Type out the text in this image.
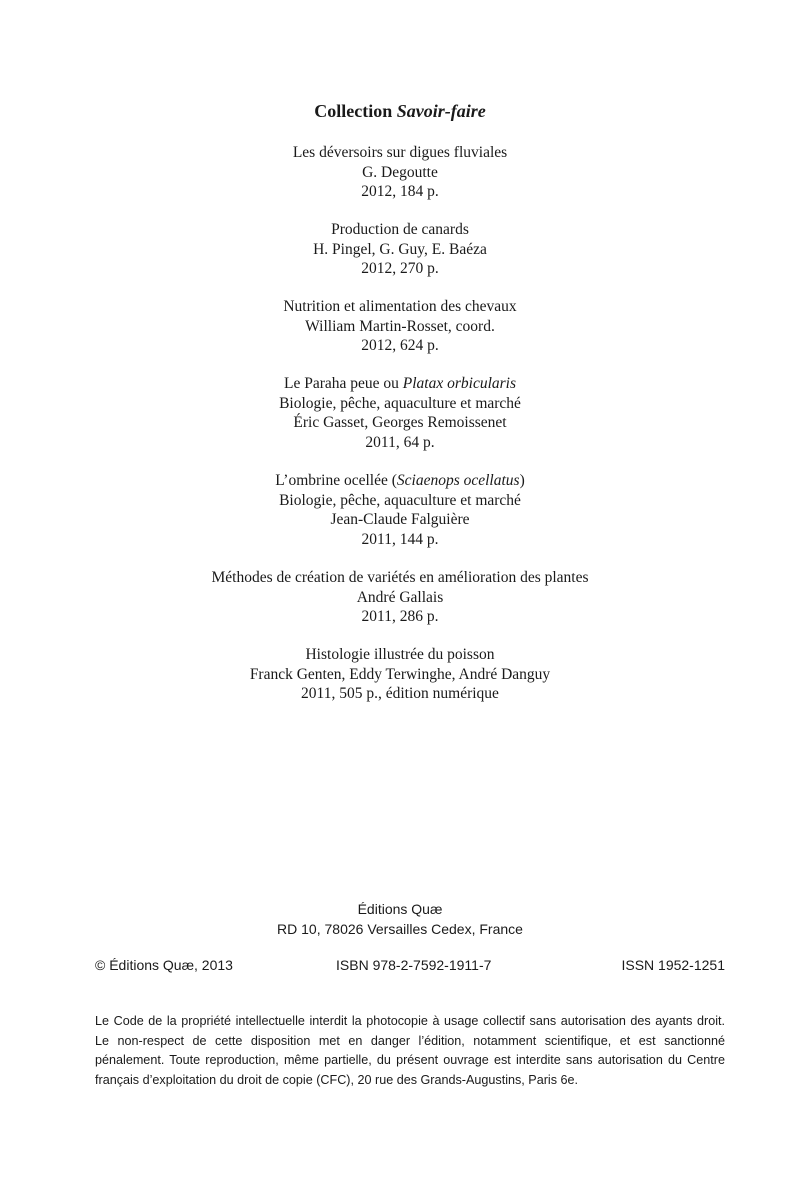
Collection Savoir-faire
Les déversoirs sur digues fluviales
G. Degoutte
2012, 184 p.
Production de canards
H. Pingel, G. Guy, E. Baéza
2012, 270 p.
Nutrition et alimentation des chevaux
William Martin-Rosset, coord.
2012, 624 p.
Le Paraha peue ou Platax orbicularis
Biologie, pêche, aquaculture et marché
Éric Gasset, Georges Remoissenet
2011, 64 p.
L’ombrine ocellée (Sciaenops ocellatus)
Biologie, pêche, aquaculture et marché
Jean-Claude Falguière
2011, 144 p.
Méthodes de création de variétés en amélioration des plantes
André Gallais
2011, 286 p.
Histologie illustrée du poisson
Franck Genten, Eddy Terwinghe, André Danguy
2011, 505 p., édition numérique
Éditions Quæ
RD 10, 78026 Versailles Cedex, France
© Éditions Quæ, 2013	ISBN 978-2-7592-1911-7	ISSN 1952-1251

Le Code de la propriété intellectuelle interdit la photocopie à usage collectif sans autorisation des ayants droit. Le non-respect de cette disposition met en danger l’édition, notamment scientifique, et est sanctionné pénalement. Toute reproduction, même partielle, du présent ouvrage est interdite sans autorisation du Centre français d’exploitation du droit de copie (CFC), 20 rue des Grands-Augustins, Paris 6e.
